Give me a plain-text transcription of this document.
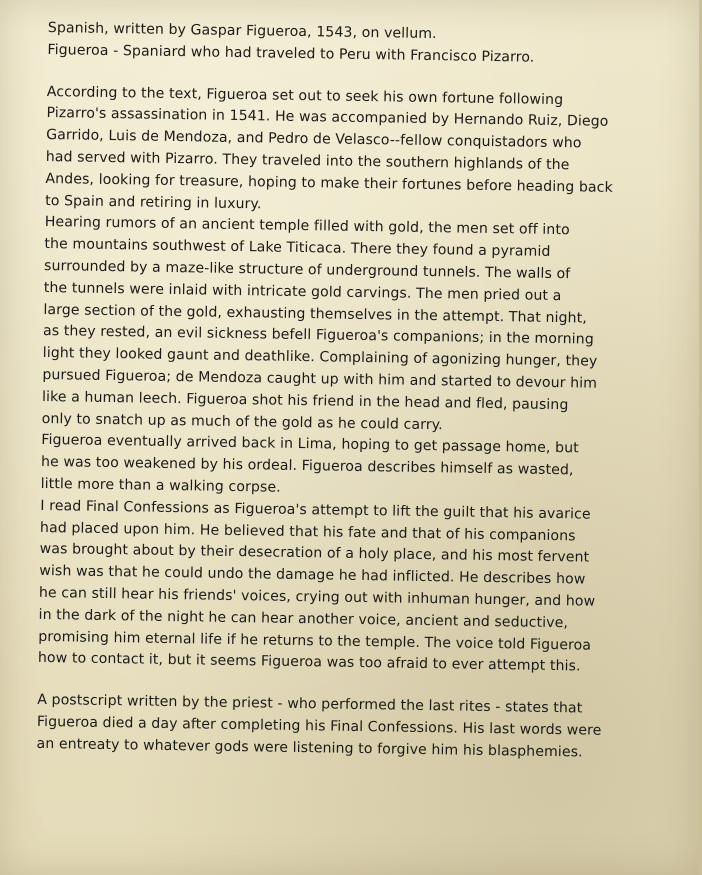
Spanish, written by Gaspar Figueroa, 1543, on vellum.
Figueroa - Spaniard who had traveled to Peru with Francisco Pizarro.
According to the text, Figueroa set out to seek his own fortune following
Pizarro's assassination in 1541. He was accompanied by Hernando Ruiz, Diego
Garrido, Luis de Mendoza, and Pedro de Velasco--fellow conquistadors who
had served with Pizarro. They traveled into the southern highlands of the
Andes, looking for treasure, hoping to make their fortunes before heading back
to Spain and retiring in luxury.
Hearing rumors of an ancient temple filled with gold, the men set off into
the mountains southwest of Lake Titicaca. There they found a pyramid
surrounded by a maze-like structure of underground tunnels. The walls of
the tunnels were inlaid with intricate gold carvings. The men pried out a
large section of the gold, exhausting themselves in the attempt. That night,
as they rested, an evil sickness befell Figueroa's companions; in the morning
light they looked gaunt and deathlike. Complaining of agonizing hunger, they
pursued Figueroa; de Mendoza caught up with him and started to devour him
like a human leech. Figueroa shot his friend in the head and fled, pausing
only to snatch up as much of the gold as he could carry.
Figueroa eventually arrived back in Lima, hoping to get passage home, but
he was too weakened by his ordeal. Figueroa describes himself as wasted,
little more than a walking corpse.
I read Final Confessions as Figueroa's attempt to lift the guilt that his avarice
had placed upon him. He believed that his fate and that of his companions
was brought about by their desecration of a holy place, and his most fervent
wish was that he could undo the damage he had inflicted. He describes how
he can still hear his friends' voices, crying out with inhuman hunger, and how
in the dark of the night he can hear another voice, ancient and seductive,
promising him eternal life if he returns to the temple. The voice told Figueroa
how to contact it, but it seems Figueroa was too afraid to ever attempt this.
A postscript written by the priest - who performed the last rites - states that
Figueroa died a day after completing his Final Confessions. His last words were
an entreaty to whatever gods were listening to forgive him his blasphemies.
